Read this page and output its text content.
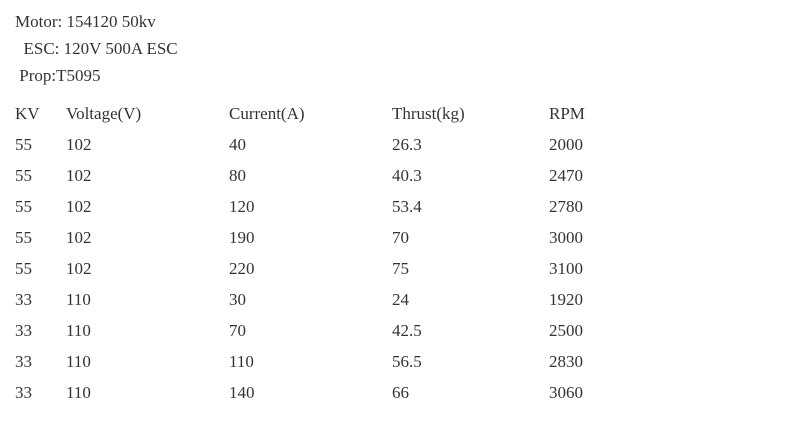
Motor: 154120 50kv
ESC: 120V 500A ESC
Prop:T5095
KV Voltage(V)	Current(A)	Thrust(kg)	RPM
55 102	40	26.3	2000
55 102	80	40.3	2470
55 102	120	53.4	2780
55 102	190	70	3000
55 102	220	75	3100
33 110	30	24	1920
33 110	70	42.5	2500
33 110	110	56.5	2830
33 110	140	66	3060
